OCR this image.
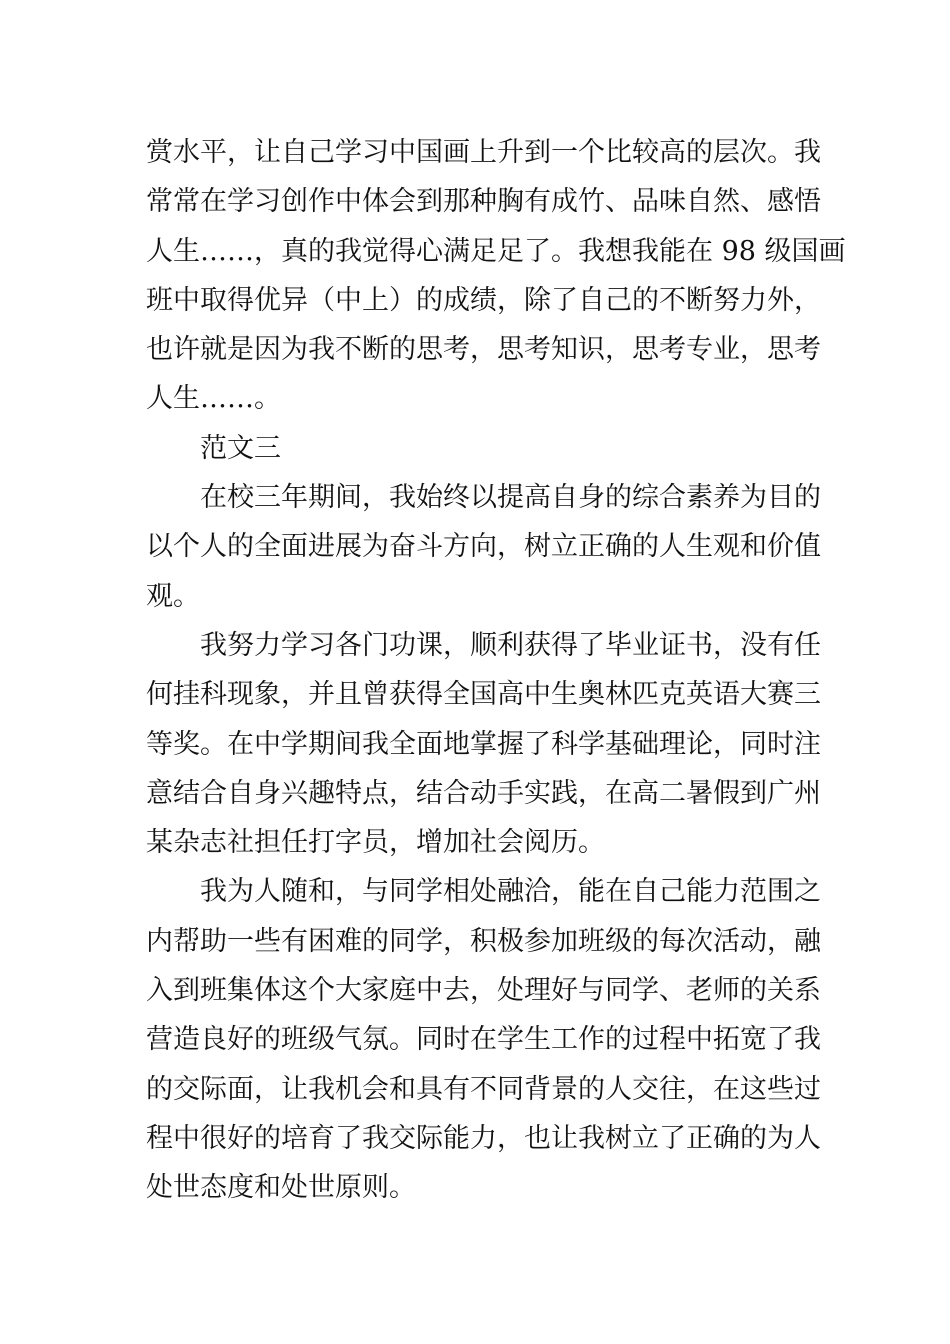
赏水平，让自己学习中国画上升到一个比较高的层次。我
常常在学习创作中体会到那种胸有成竹、品味自然、感悟
人生……，真的我觉得心满足足了。我想我能在 98 级国画
班中取得优异（中上）的成绩，除了自己的不断努力外，
也许就是因为我不断的思考，思考知识，思考专业，思考
人生……。
范文三
在校三年期间，我始终以提高自身的综合素养为目的
以个人的全面进展为奋斗方向，树立正确的人生观和价值
观。
我努力学习各门功课，顺利获得了毕业证书，没有任
何挂科现象，并且曾获得全国高中生奥林匹克英语大赛三
等奖。在中学期间我全面地掌握了科学基础理论，同时注
意结合自身兴趣特点，结合动手实践，在高二暑假到广州
某杂志社担任打字员，增加社会阅历。
我为人随和，与同学相处融洽，能在自己能力范围之
内帮助一些有困难的同学，积极参加班级的每次活动，融
入到班集体这个大家庭中去，处理好与同学、老师的关系
营造良好的班级气氛。同时在学生工作的过程中拓宽了我
的交际面，让我机会和具有不同背景的人交往，在这些过
程中很好的培育了我交际能力，也让我树立了正确的为人
处世态度和处世原则。
